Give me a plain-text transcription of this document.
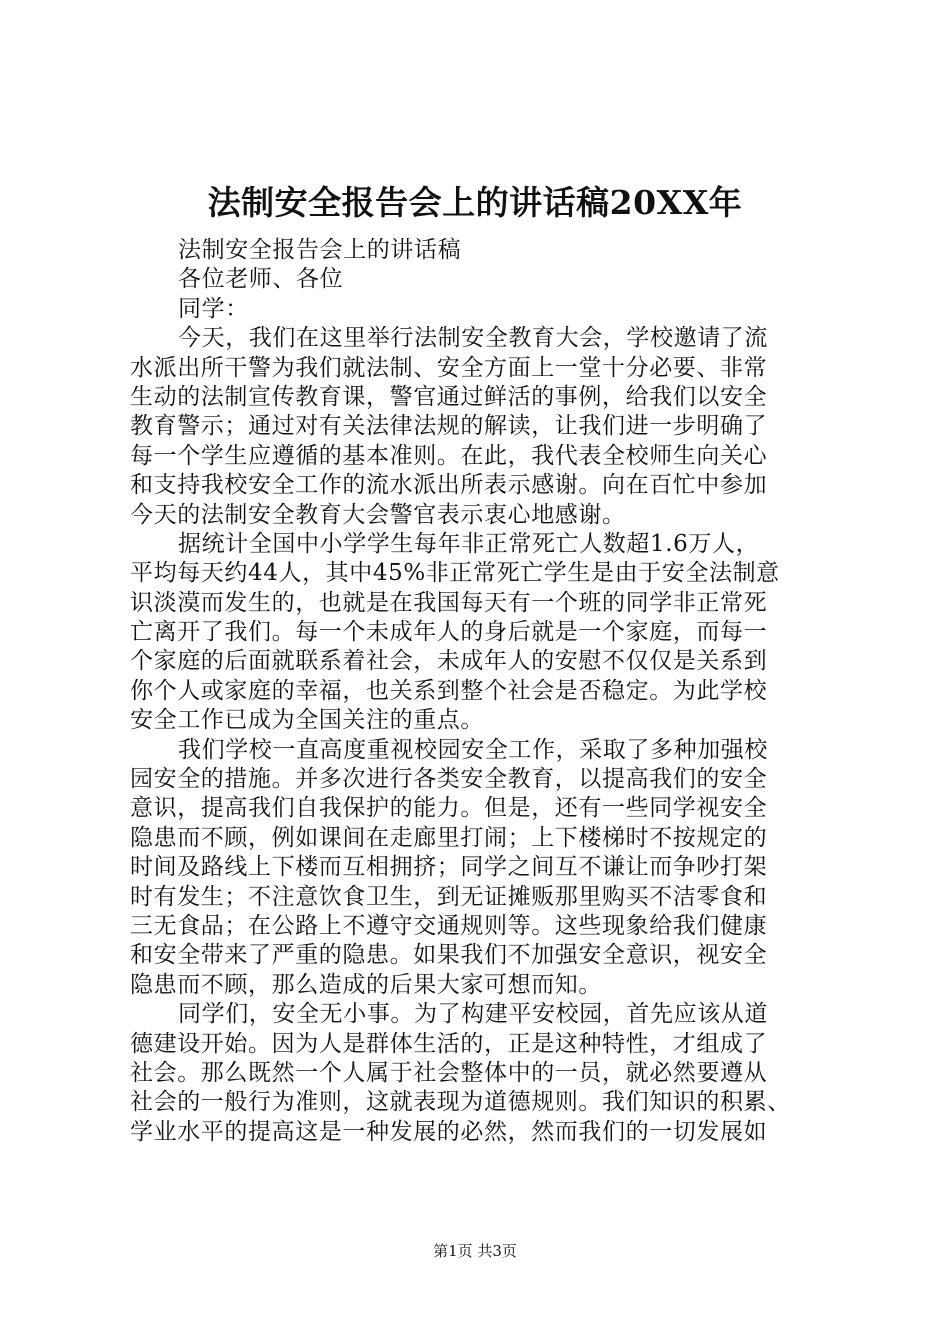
法制安全报告会上的讲话稿20XX年
法制安全报告会上的讲话稿
各位老师、各位
同学：
今天，我们在这里举行法制安全教育大会，学校邀请了流
水派出所干警为我们就法制、安全方面上一堂十分必要、非常
生动的法制宣传教育课，警官通过鲜活的事例，给我们以安全
教育警示；通过对有关法律法规的解读，让我们进一步明确了
每一个学生应遵循的基本准则。在此，我代表全校师生向关心
和支持我校安全工作的流水派出所表示感谢。向在百忙中参加
今天的法制安全教育大会警官表示衷心地感谢。
据统计全国中小学学生每年非正常死亡人数超1.6万人，
平均每天约44人，其中45%非正常死亡学生是由于安全法制意
识淡漠而发生的，也就是在我国每天有一个班的同学非正常死
亡离开了我们。每一个未成年人的身后就是一个家庭，而每一
个家庭的后面就联系着社会，未成年人的安慰不仅仅是关系到
你个人或家庭的幸福，也关系到整个社会是否稳定。为此学校
安全工作已成为全国关注的重点。
我们学校一直高度重视校园安全工作，采取了多种加强校
园安全的措施。并多次进行各类安全教育，以提高我们的安全
意识，提高我们自我保护的能力。但是，还有一些同学视安全
隐患而不顾，例如课间在走廊里打闹；上下楼梯时不按规定的
时间及路线上下楼而互相拥挤；同学之间互不谦让而争吵打架
时有发生；不注意饮食卫生，到无证摊贩那里购买不洁零食和
三无食品；在公路上不遵守交通规则等。这些现象给我们健康
和安全带来了严重的隐患。如果我们不加强安全意识，视安全
隐患而不顾，那么造成的后果大家可想而知。
同学们，安全无小事。为了构建平安校园，首先应该从道
德建设开始。因为人是群体生活的，正是这种特性，才组成了
社会。那么既然一个人属于社会整体中的一员，就必然要遵从
社会的一般行为准则，这就表现为道德规则。我们知识的积累、
学业水平的提高这是一种发展的必然，然而我们的一切发展如
第1页 共3页
